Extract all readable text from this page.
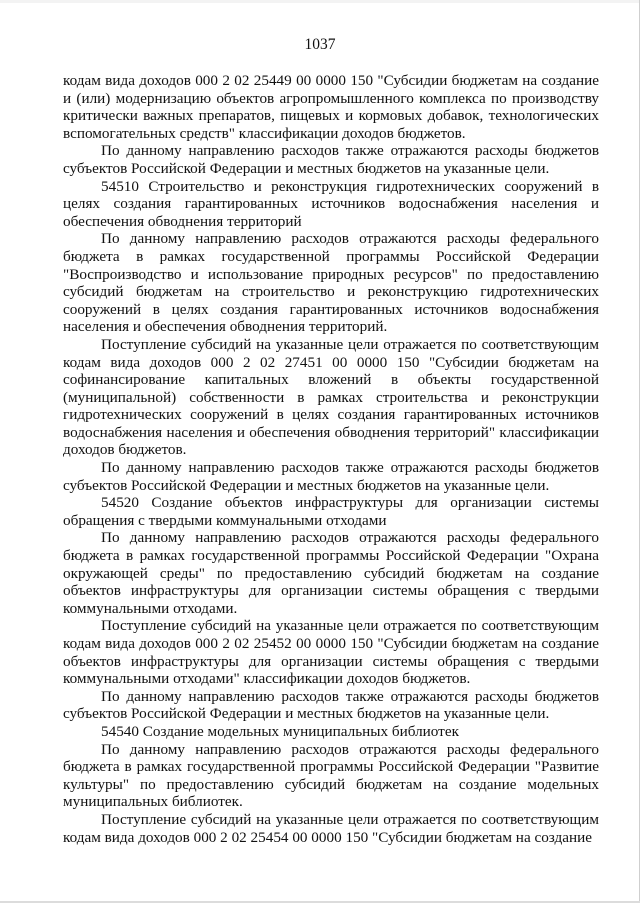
1037

кодам вида доходов 000 2 02 25449 00 0000 150 "Субсидии бюджетам на создание и (или) модернизацию объектов агропромышленного комплекса по производству критически важных препаратов, пищевых и кормовых добавок, технологических вспомогательных средств" классификации доходов бюджетов.

По данному направлению расходов также отражаются расходы бюджетов субъектов Российской Федерации и местных бюджетов на указанные цели.

54510 Строительство и реконструкция гидротехнических сооружений в целях создания гарантированных источников водоснабжения населения и обеспечения обводнения территорий

По данному направлению расходов отражаются расходы федерального бюджета в рамках государственной программы Российской Федерации "Воспроизводство и использование природных ресурсов" по предоставлению субсидий бюджетам на строительство и реконструкцию гидротехнических сооружений в целях создания гарантированных источников водоснабжения населения и обеспечения обводнения территорий.

Поступление субсидий на указанные цели отражается по соответствующим кодам вида доходов 000 2 02 27451 00 0000 150 "Субсидии бюджетам на софинансирование капитальных вложений в объекты государственной (муниципальной) собственности в рамках строительства и реконструкции гидротехнических сооружений в целях создания гарантированных источников водоснабжения населения и обеспечения обводнения территорий" классификации доходов бюджетов.

По данному направлению расходов также отражаются расходы бюджетов субъектов Российской Федерации и местных бюджетов на указанные цели.

54520 Создание объектов инфраструктуры для организации системы обращения с твердыми коммунальными отходами

По данному направлению расходов отражаются расходы федерального бюджета в рамках государственной программы Российской Федерации "Охрана окружающей среды" по предоставлению субсидий бюджетам на создание объектов инфраструктуры для организации системы обращения с твердыми коммунальными отходами.

Поступление субсидий на указанные цели отражается по соответствующим кодам вида доходов 000 2 02 25452 00 0000 150 "Субсидии бюджетам на создание объектов инфраструктуры для организации системы обращения с твердыми коммунальными отходами" классификации доходов бюджетов.

По данному направлению расходов также отражаются расходы бюджетов субъектов Российской Федерации и местных бюджетов на указанные цели.

54540 Создание модельных муниципальных библиотек

По данному направлению расходов отражаются расходы федерального бюджета в рамках государственной программы Российской Федерации "Развитие культуры" по предоставлению субсидий бюджетам на создание модельных муниципальных библиотек.

Поступление субсидий на указанные цели отражается по соответствующим кодам вида доходов 000 2 02 25454 00 0000 150 "Субсидии бюджетам на создание
